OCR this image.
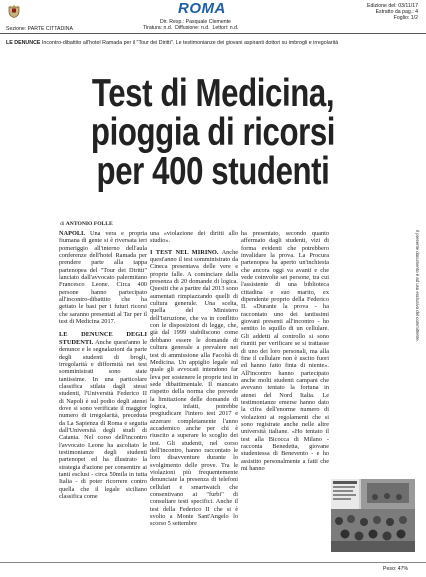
ROMA	Edizione del: 03/11/17
Estratto da pag.: 4
Foglio: 1/2
Dir. Resp.: Pasquale Clemente
Tiratura: n.d.  Diffusione: n.d.  Lettori: n.d.
Sezione: PARTE CITTADINA
LE DENUNCE Incontro-dibattito all'hotel Ramada per il "Tour dei Diritti". Le testimonianze dei giovani aspiranti dottori su imbrogli e irregolarità
Test di Medicina,
pioggia di ricorsi
per 400 studenti
di ANTONIO FOLLE
Il presente documento è ad uso esclusivo del committente.

NAPOLI. Una vera e propria fiumana di gente si è riversata ieri pomeriggio all'interno dell'aula conferenze dell'hotel Ramada per prendere parte alla tappa partenopea del "Tour dei Diritti" lanciato dall'avvocato palermitano Francesco Leone. Circa 400 persone hanno partecipato all'incontro-dibattito che ha gettato le basi per i futuri ricorsi che saranno presentati al Tar per il test di Medicina 2017.

LE DENUNCE DEGLI STUDENTI. Anche quest'anno le denunce e le segnalazioni da parte degli studenti di brogli, irregolarità e difformità nei test somministrati sono state tantissime. In una particolare classifica stilata dagli stessi studenti, l'Università Federico II di Napoli è sul podio degli atenei dove si sono verificate il maggior numero di irregolarità, preceduta da La Sapienza di Roma e seguita dall'Università degli studi di Catania. Nel corso dell'incontro l'avvocato Leone ha ascoltato le testimonianze degli studenti partenopei ed ha illustrato la strategia d'azione per consentire ai tanti esclusi - circa 50mila in tutta Italia - di poter ricorrere contro quella che il legale siciliano classifica come

una «violazione dei diritti allo studio».

I TEST NEL MIRINO. Anche quest'anno il test somministrato da Cineca presentava delle vere e proprie falle. A cominciare dalla presenza di 20 domande di logica. Quesiti che a partire dal 2013 sono aumentati rimpiazzando quelli di cultura generale. Una scelta, quella del Ministero dell'Istruzione, che va in conflitto con le disposizioni di legge, che, già dal 1999 stabiliscono come debbano essere le domande di cultura generale a prevalere nei test di ammissione alla Facoltà di Medicina. Un appiglio legale sul quale gli avvocati intendono far leva per sostenere le proprie tesi in sede dibattimentale. Il mancato rispetto della norma che prevede la limitazione delle domande di logica, infatti, potrebbe pregiudicare l'intero test 2017 e azzerare completamente l'anno accademico anche per chi è riuscito a superare lo scoglio dei test. Gli studenti, nel corso dell'incontro, hanno raccontato le loro disavventure durante lo svolgimento delle prove. Tra le violazioni più frequentemente denunciate la presenza di telefoni cellulari e smartwatch che consentivano ai "furbi" di consultare testi specifici. Anche il test della Federico II che si è svolto a Monte Sant'Angelo lo scorso 5 settembre

ha presentato, secondo quanto affermato dagli studenti, vizi di forma evidenti che potrebbero invalidare la prova. La Procura partenopea ha aperto un'inchiesta che ancora oggi va avanti e che vede coinvolte sei persone, tra cui l'assistente di una biblioteca cittadina e suo marito, ex dipendente proprio della Federico II. «Durante la prova - ha raccontato uno dei tantissimi giovani presenti all'incontro - ho sentito lo squillo di un cellulare. Gli addetti al controllo si sono riuniti per verificare se si trattasse di uno dei loro personali, ma alla fine il cellulare non è uscito fuori ed hanno fatto finta di niente». All'incontro hanno partecipato anche molti studenti campani che avevano tentato la fortuna in atenei del Nord Italia. Le testimonianze emerse hanno dato la cifra dell'enorme numero di violazioni ai regolamenti che si sono registrate anche nelle altre università italiane. «Ho tentato il test alla Bicocca di Milano - racconta Benedetta, giovane studentessa di Benevento - e ho assistito personalmente a fatti che mi hanno

Peso: 47%
